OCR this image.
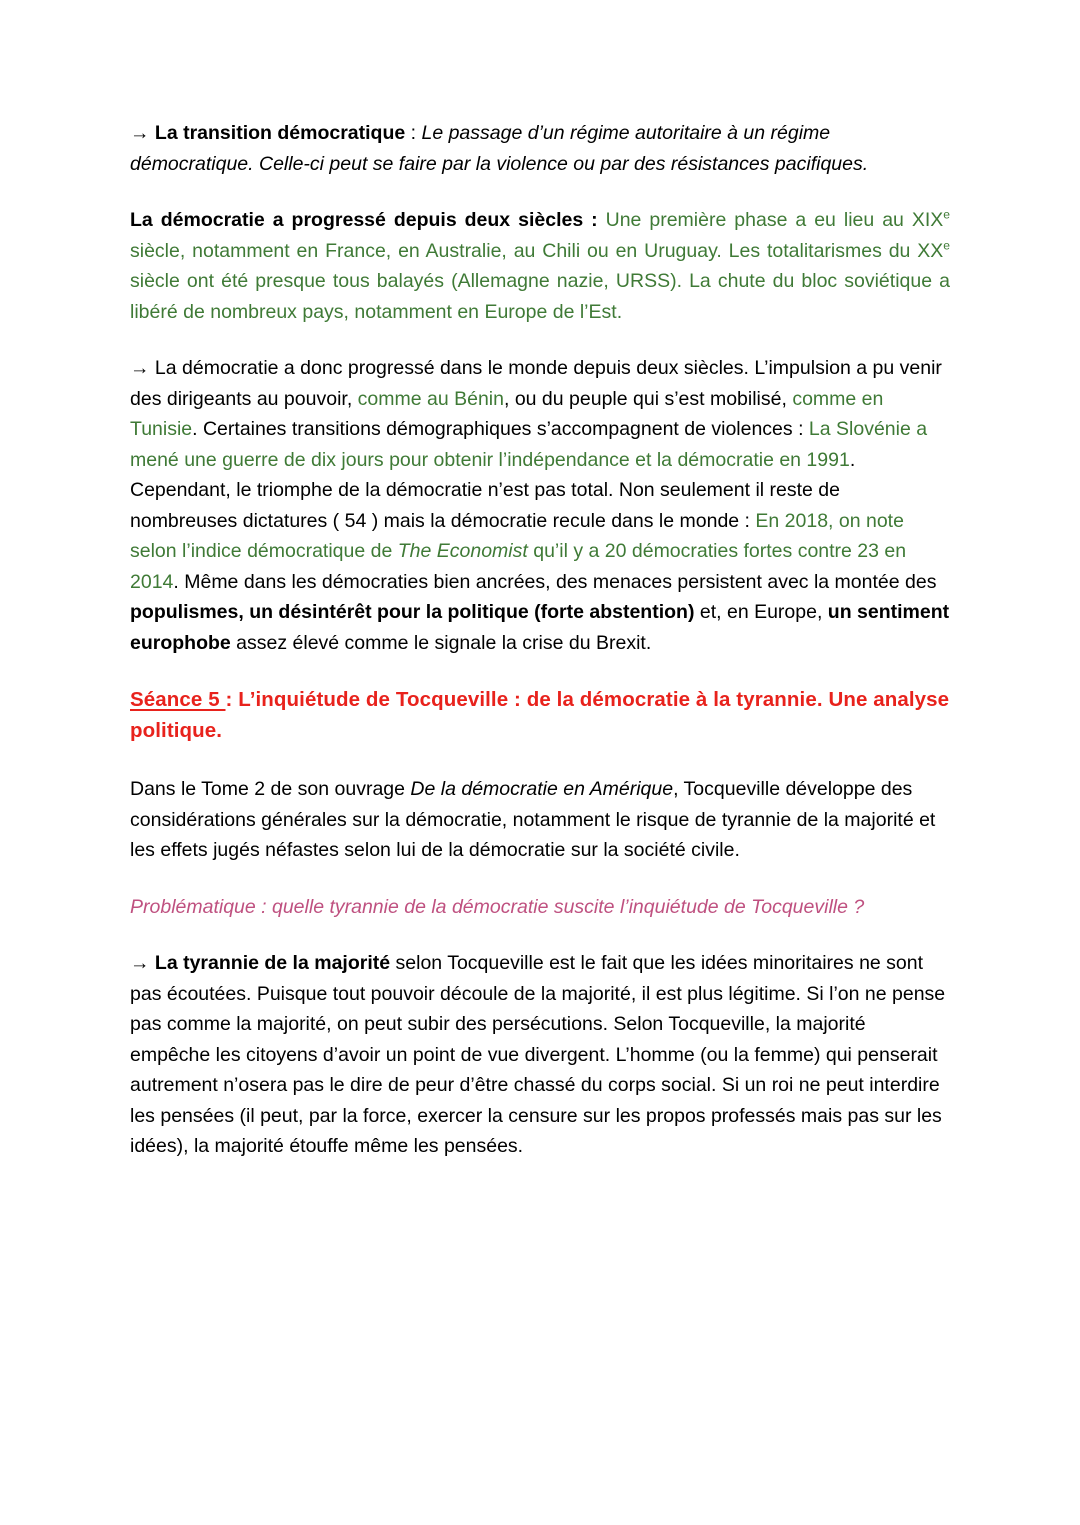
→ La transition démocratique : Le passage d’un régime autoritaire à un régime démocratique. Celle-ci peut se faire par la violence ou par des résistances pacifiques.

La démocratie a progressé depuis deux siècles : Une première phase a eu lieu au XIXe siècle, notamment en France, en Australie, au Chili ou en Uruguay. Les totalitarismes du XXe siècle ont été presque tous balayés (Allemagne nazie, URSS). La chute du bloc soviétique a libéré de nombreux pays, notamment en Europe de l’Est.

→ La démocratie a donc progressé dans le monde depuis deux siècles. L’impulsion a pu venir des dirigeants au pouvoir, comme au Bénin, ou du peuple qui s’est mobilisé, comme en Tunisie. Certaines transitions démographiques s’accompagnent de violences : La Slovénie a mené une guerre de dix jours pour obtenir l’indépendance et la démocratie en 1991. Cependant, le triomphe de la démocratie n’est pas total. Non seulement il reste de nombreuses dictatures ( 54 ) mais la démocratie recule dans le monde : En 2018, on note selon l’indice démocratique de The Economist qu’il y a 20 démocraties fortes contre 23 en 2014. Même dans les démocraties bien ancrées, des menaces persistent avec la montée des populismes, un désintérêt pour la politique (forte abstention) et, en Europe, un sentiment europhobe assez élevé comme le signale la crise du Brexit.

Séance 5 : L’inquiétude de Tocqueville : de la démocratie à la tyrannie. Une analyse politique.

Dans le Tome 2 de son ouvrage De la démocratie en Amérique, Tocqueville développe des considérations générales sur la démocratie, notamment le risque de tyrannie de la majorité et les effets jugés néfastes selon lui de la démocratie sur la société civile.

Problématique : quelle tyrannie de la démocratie suscite l’inquiétude de Tocqueville ?

→ La tyrannie de la majorité selon Tocqueville est le fait que les idées minoritaires ne sont pas écoutées. Puisque tout pouvoir découle de la majorité, il est plus légitime. Si l’on ne pense pas comme la majorité, on peut subir des persécutions. Selon Tocqueville, la majorité empêche les citoyens d’avoir un point de vue divergent. L’homme (ou la femme) qui penserait autrement n’osera pas le dire de peur d’être chassé du corps social. Si un roi ne peut interdire les pensées (il peut, par la force, exercer la censure sur les propos professés mais pas sur les idées), la majorité étouffe même les pensées.
